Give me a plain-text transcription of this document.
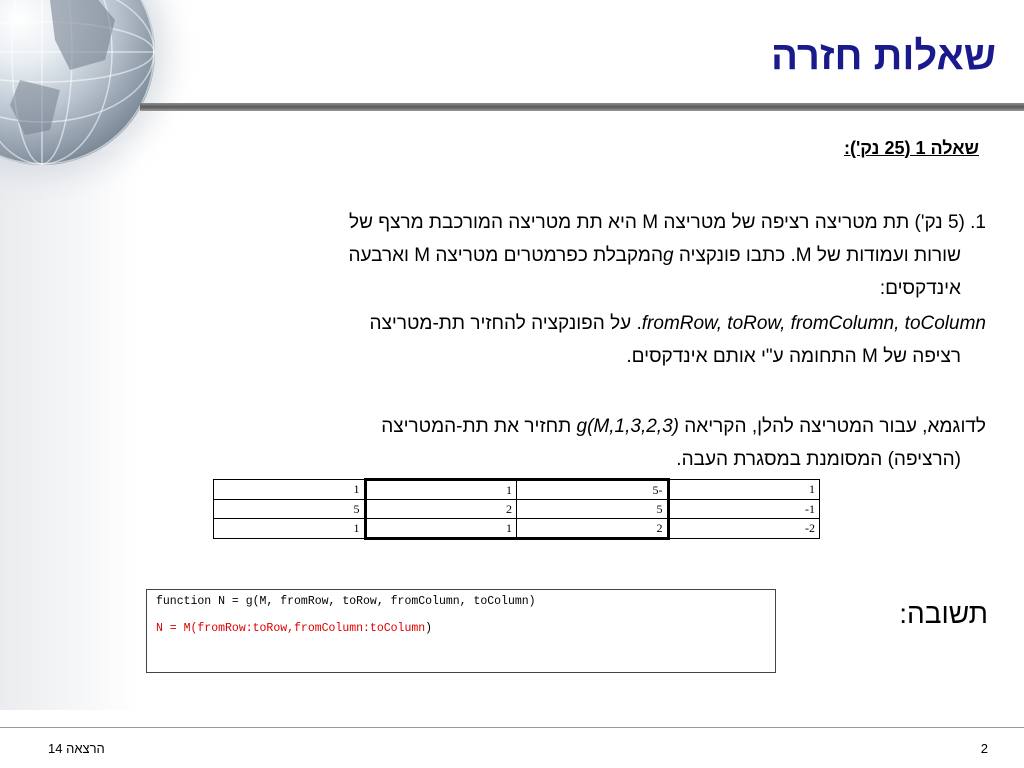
שאלות חזרה

שאלה 1 (25 נק'):

1. (5 נק') תת מטריצה רציפה של מטריצה M היא תת מטריצה המורכבת מרצף של
שורות ועמודות של M. כתבו פונקציה gהמקבלת כפרמטרים מטריצה M וארבעה
אינדקסים:

fromRow, toRow, fromColumn, toColumn. על הפונקציה להחזיר תת-מטריצה
רציפה של M התחומה ע"י אותם אינדקסים.

לדוגמא, עבור המטריצה להלן, הקריאה g(M,1,3,2,3) תחזיר את תת-המטריצה
(הרציפה) המסומנת במסגרת העבה.

1	1	5-	1
5	2	5	-1
1	1	2	-2
function N = g(M, fromRow, toRow, fromColumn, toColumn)
N = M(fromRow:toRow,fromColumn:toColumn)	תשובה:

הרצאה 14	2
